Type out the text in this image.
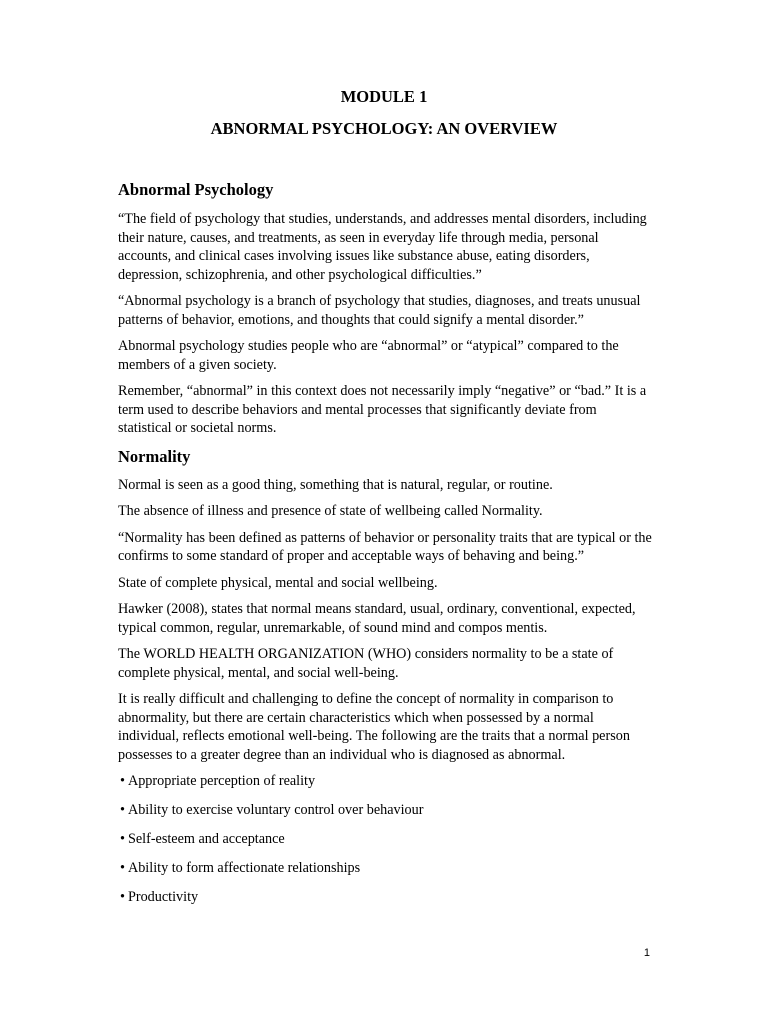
MODULE 1
ABNORMAL PSYCHOLOGY: AN OVERVIEW
Abnormal Psychology

“The field of psychology that studies, understands, and addresses mental disorders, including their nature, causes, and treatments, as seen in everyday life through media, personal accounts, and clinical cases involving issues like substance abuse, eating disorders, depression, schizophrenia, and other psychological difficulties.”

“Abnormal psychology is a branch of psychology that studies, diagnoses, and treats unusual patterns of behavior, emotions, and thoughts that could signify a mental disorder.”

Abnormal psychology studies people who are “abnormal” or “atypical” compared to the members of a given society.

Remember, “abnormal” in this context does not necessarily imply “negative” or “bad.” It is a term used to describe behaviors and mental processes that significantly deviate from statistical or societal norms.

Normality

Normal is seen as a good thing, something that is natural, regular, or routine.

The absence of illness and presence of state of wellbeing called Normality.

“Normality has been defined as patterns of behavior or personality traits that are typical or the confirms to some standard of proper and acceptable ways of behaving and being.”

State of complete physical, mental and social wellbeing.

Hawker (2008), states that normal means standard, usual, ordinary, conventional, expected, typical common, regular, unremarkable, of sound mind and compos mentis.

The WORLD HEALTH ORGANIZATION (WHO) considers normality to be a state of complete physical, mental, and social well-being.

It is really difficult and challenging to define the concept of normality in comparison to abnormality, but there are certain characteristics which when possessed by a normal individual, reflects emotional well-being. The following are the traits that a normal person possesses to a greater degree than an individual who is diagnosed as abnormal.

• Appropriate perception of reality
• Ability to exercise voluntary control over behaviour
• Self-esteem and acceptance
• Ability to form affectionate relationships
• Productivity
1
